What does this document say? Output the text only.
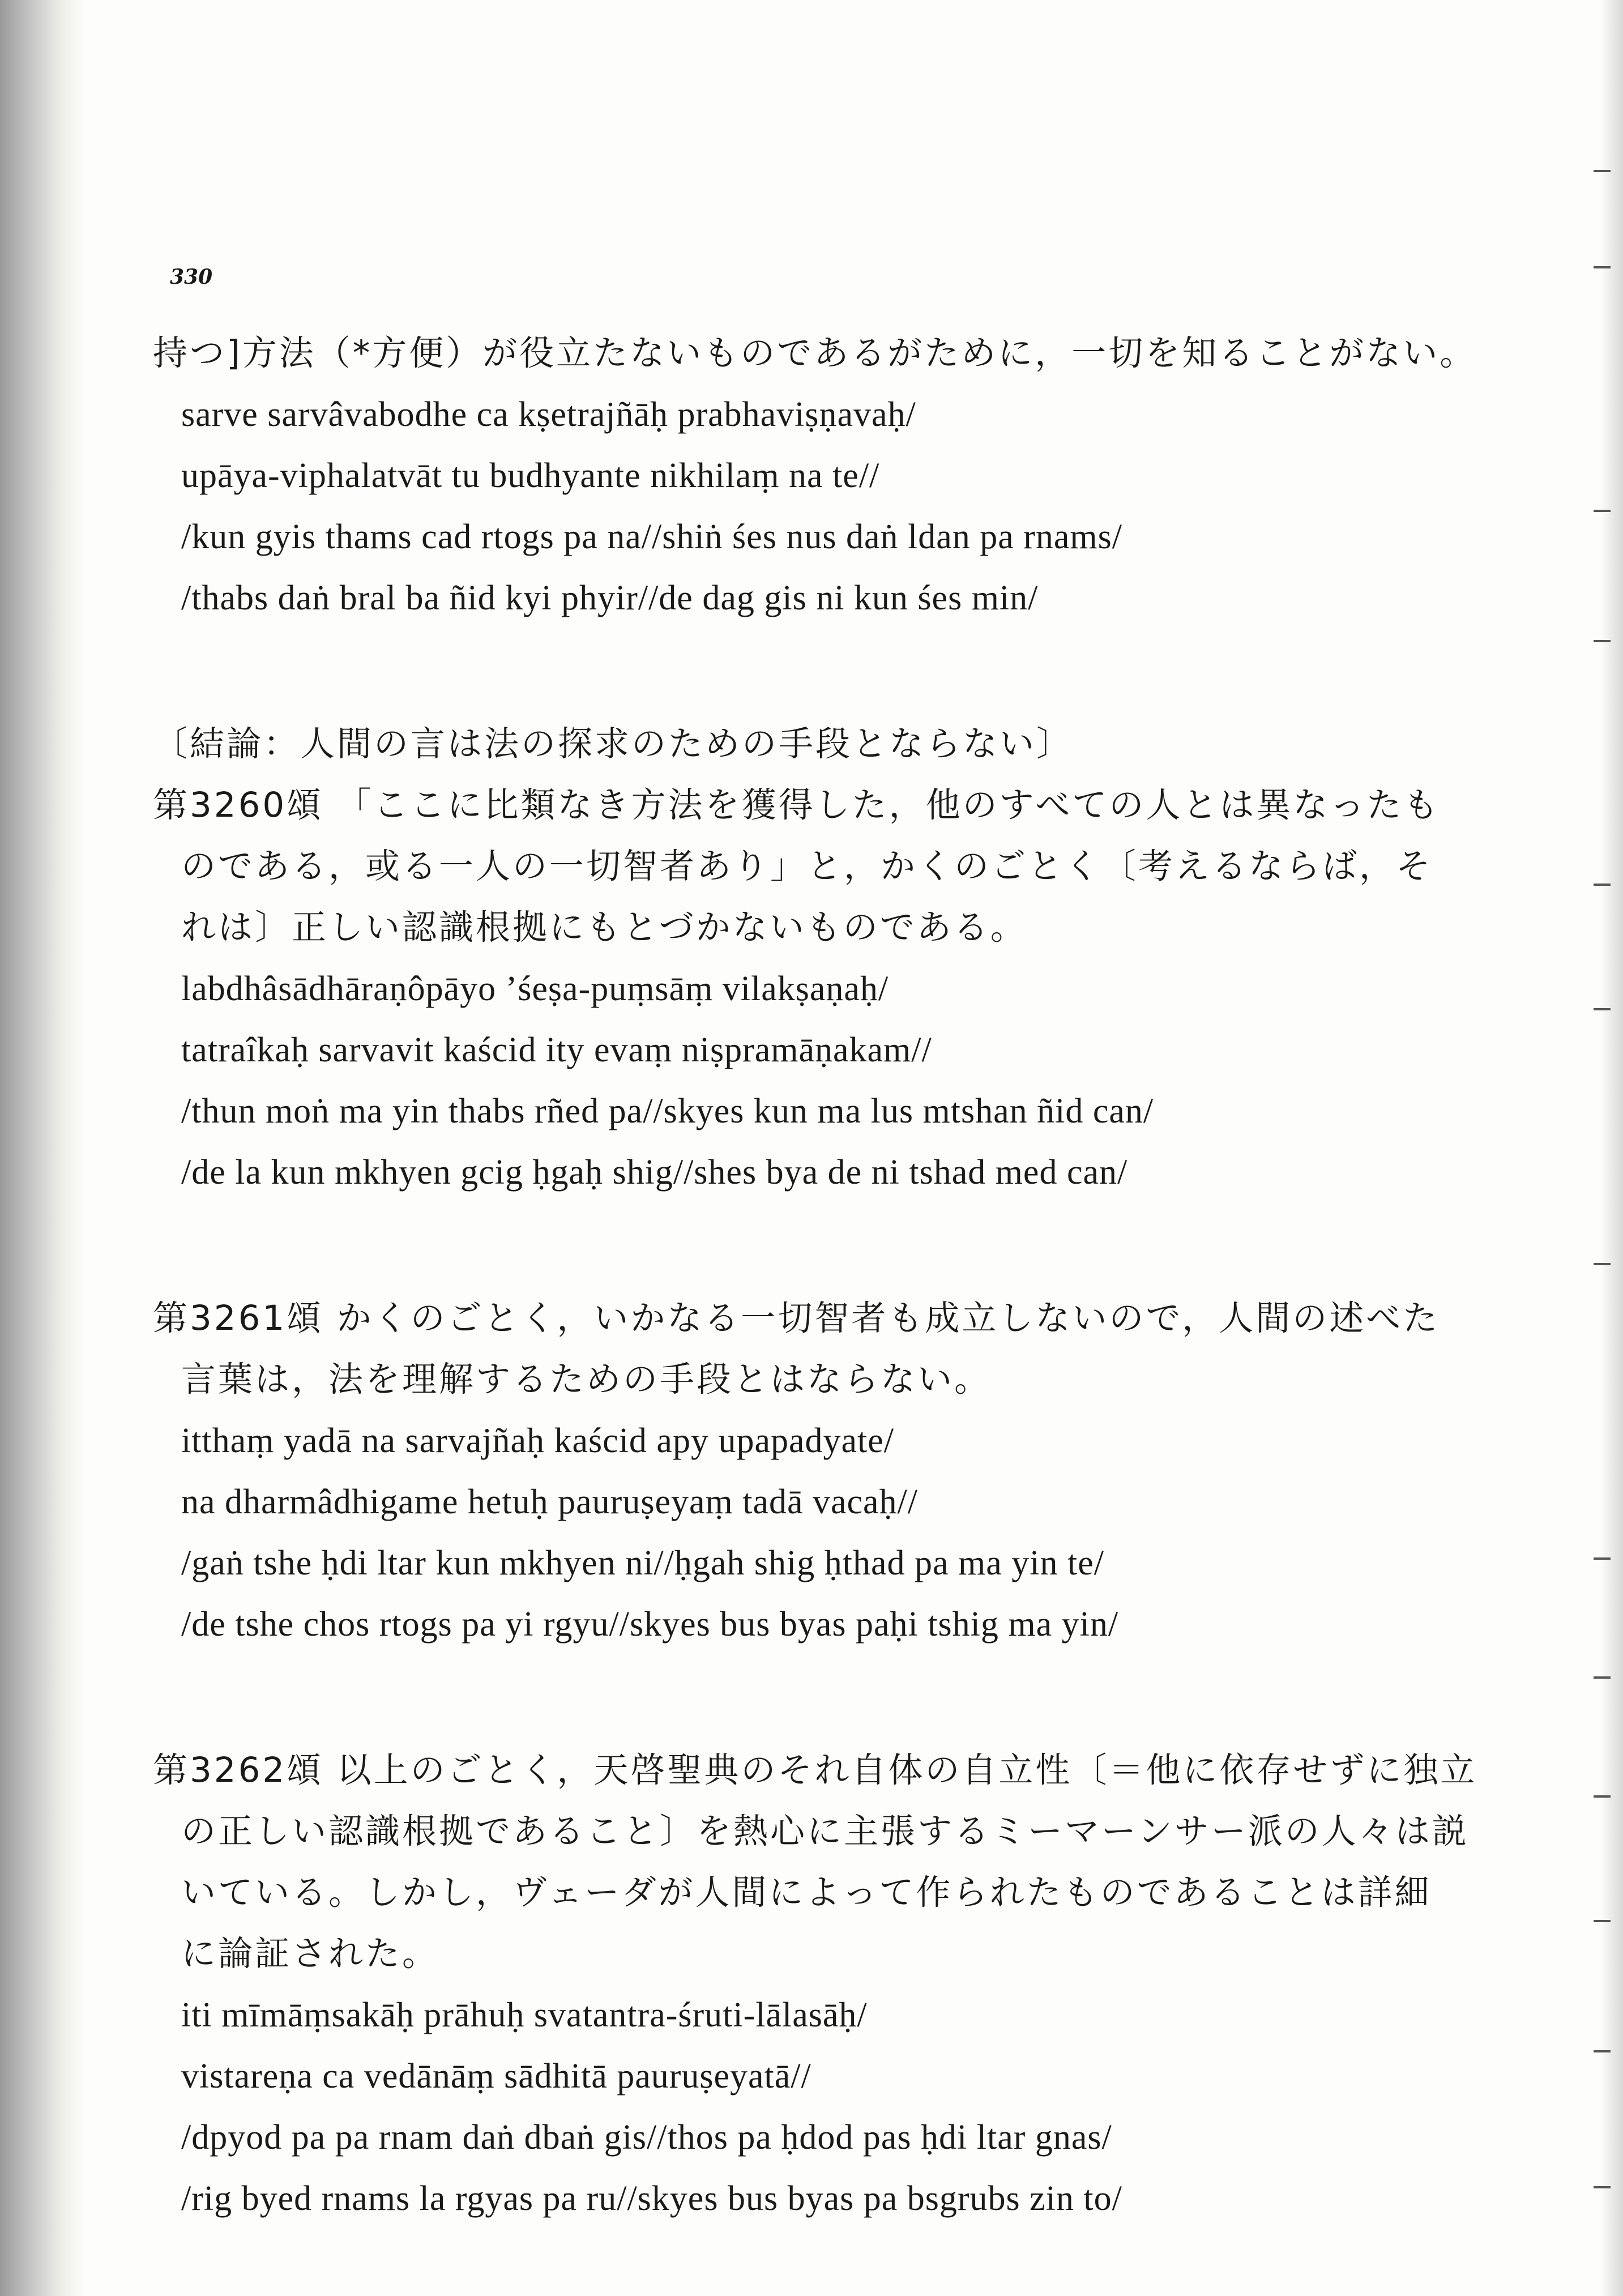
330

持つ]方法（*方便）が役立たないものであるがために，一切を知ることがない。

sarve sarvâvabodhe ca kṣetrajñāḥ prabhaviṣṇavaḥ/

upāya-viphalatvāt tu budhyante nikhilaṃ na te//

/kun gyis thams cad rtogs pa na//shiṅ śes nus daṅ ldan pa rnams/

/thabs daṅ bral ba ñid kyi phyir//de dag gis ni kun śes min/

〔結論：人間の言は法の探求のための手段とならない〕

第3260頌 「ここに比類なき方法を獲得した，他のすべての人とは異なったも

のである，或る一人の一切智者あり」と，かくのごとく〔考えるならば，そ

れは〕正しい認識根拠にもとづかないものである。

labdhâsādhāraṇôpāyo ’śeṣa-puṃsāṃ vilakṣaṇaḥ/

tatraîkaḥ sarvavit kaścid ity evaṃ niṣpramāṇakam//

/thun moṅ ma yin thabs rñed pa//skyes kun ma lus mtshan ñid can/

/de la kun mkhyen gcig ḥgaḥ shig//shes bya de ni tshad med can/

第3261頌 かくのごとく，いかなる一切智者も成立しないので，人間の述べた

言葉は，法を理解するための手段とはならない。

itthaṃ yadā na sarvajñaḥ kaścid apy upapadyate/

na dharmâdhigame hetuḥ pauruṣeyaṃ tadā vacaḥ//

/gaṅ tshe ḥdi ltar kun mkhyen ni//ḥgah shig ḥthad pa ma yin te/

/de tshe chos rtogs pa yi rgyu//skyes bus byas paḥi tshig ma yin/

第3262頌 以上のごとく，天啓聖典のそれ自体の自立性〔＝他に依存せずに独立

の正しい認識根拠であること〕を熱心に主張するミーマーンサー派の人々は説

いている。しかし，ヴェーダが人間によって作られたものであることは詳細

に論証された。

iti mīmāṃsakāḥ prāhuḥ svatantra-śruti-lālasāḥ/

vistareṇa ca vedānāṃ sādhitā pauruṣeyatā//

/dpyod pa pa rnam daṅ dbaṅ gis//thos pa ḥdod pas ḥdi ltar gnas/

/rig byed rnams la rgyas pa ru//skyes bus byas pa bsgrubs zin to/
